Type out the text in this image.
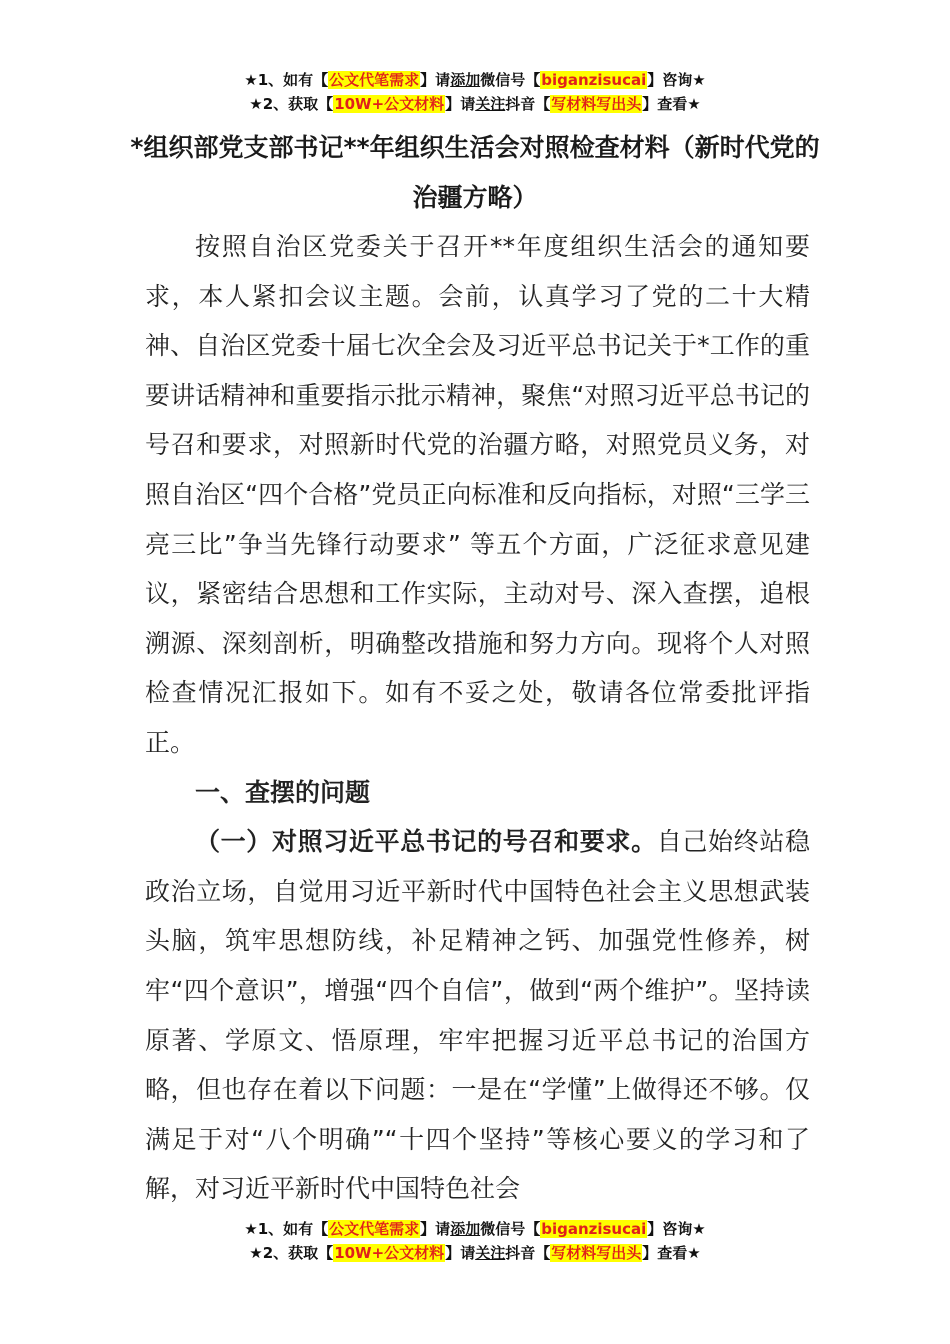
★1、如有【公文代笔需求】请添加微信号【biganzisucai】咨询★
★2、获取【10W+公文材料】请关注抖音【写材料写出头】查看★
*组织部党支部书记**年组织生活会对照检查材料（新时代党的治疆方略）

按照自治区党委关于召开**年度组织生活会的通知要求，本人紧扣会议主题。会前，认真学习了党的二十大精神、自治区党委十届七次全会及习近平总书记关于*工作的重要讲话精神和重要指示批示精神，聚焦“对照习近平总书记的号召和要求，对照新时代党的治疆方略，对照党员义务，对照自治区“四个合格”党员正向标准和反向指标，对照“三学三亮三比”争当先锋行动要求” 等五个方面，广泛征求意见建议，紧密结合思想和工作实际，主动对号、深入查摆，追根溯源、深刻剖析，明确整改措施和努力方向。现将个人对照检查情况汇报如下。如有不妥之处，敬请各位常委批评指正。

一、查摆的问题

（一）对照习近平总书记的号召和要求。自己始终站稳政治立场，自觉用习近平新时代中国特色社会主义思想武装头脑，筑牢思想防线，补足精神之钙、加强党性修养，树牢“四个意识”，增强“四个自信”，做到“两个维护”。坚持读原著、学原文、悟原理，牢牢把握习近平总书记的治国方略，但也存在着以下问题：一是在“学懂”上做得还不够。仅满足于对“八个明确”“十四个坚持”等核心要义的学习和了解，对习近平新时代中国特色社会

★1、如有【公文代笔需求】请添加微信号【biganzisucai】咨询★
★2、获取【10W+公文材料】请关注抖音【写材料写出头】查看★
